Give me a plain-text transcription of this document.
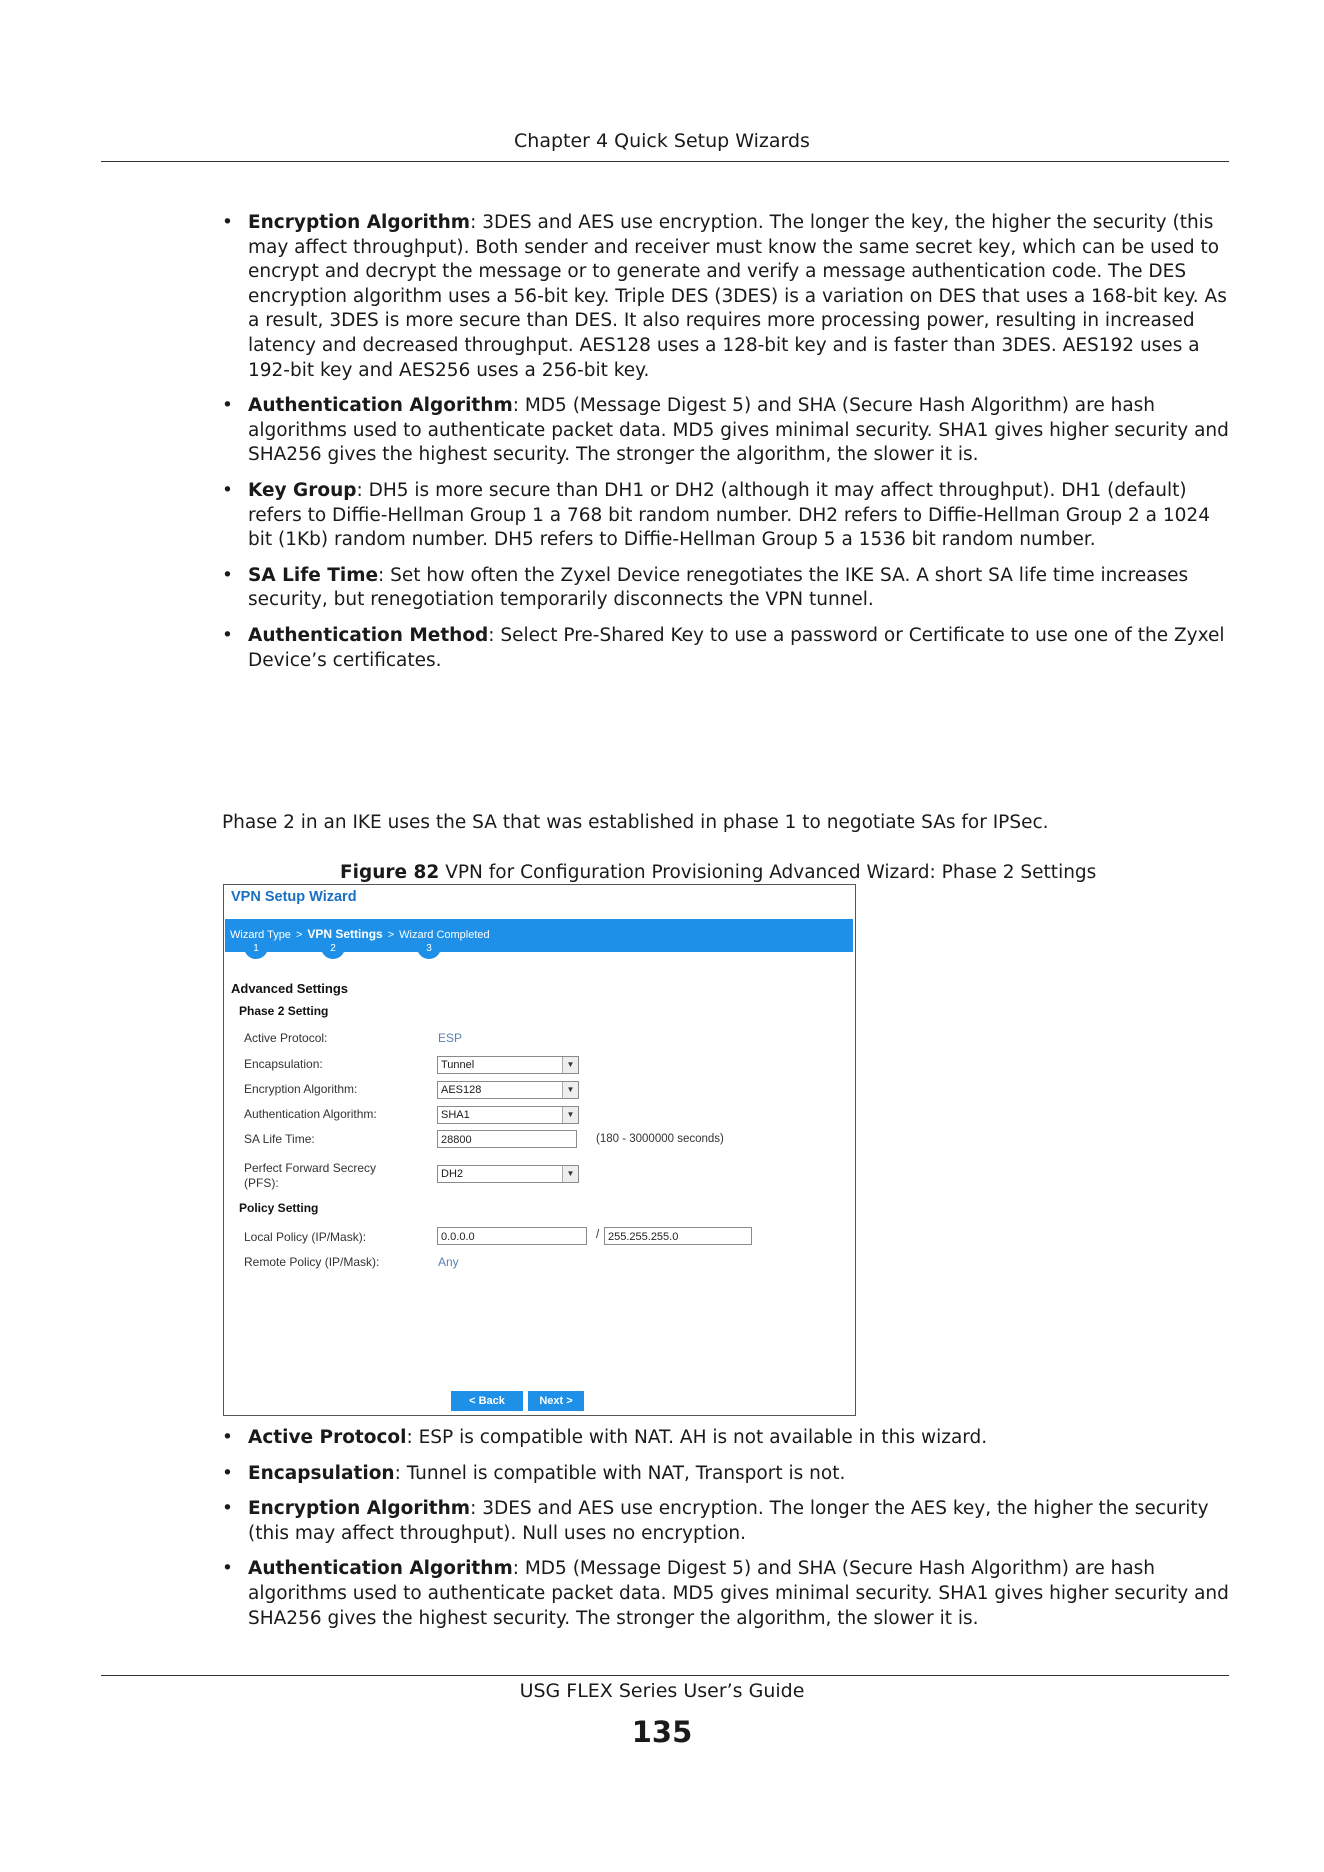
Chapter 4 Quick Setup Wizards
• Encryption Algorithm: 3DES and AES use encryption. The longer the key, the higher the security (this may affect throughput). Both sender and receiver must know the same secret key, which can be used to encrypt and decrypt the message or to generate and verify a message authentication code. The DES encryption algorithm uses a 56-bit key. Triple DES (3DES) is a variation on DES that uses a 168-bit key. As a result, 3DES is more secure than DES. It also requires more processing power, resulting in increased latency and decreased throughput. AES128 uses a 128-bit key and is faster than 3DES. AES192 uses a 192-bit key and AES256 uses a 256-bit key.
• Authentication Algorithm: MD5 (Message Digest 5) and SHA (Secure Hash Algorithm) are hash algorithms used to authenticate packet data. MD5 gives minimal security. SHA1 gives higher security and SHA256 gives the highest security. The stronger the algorithm, the slower it is.
• Key Group: DH5 is more secure than DH1 or DH2 (although it may affect throughput). DH1 (default) refers to Diffie-Hellman Group 1 a 768 bit random number. DH2 refers to Diffie-Hellman Group 2 a 1024 bit (1Kb) random number. DH5 refers to Diffie-Hellman Group 5 a 1536 bit random number.
• SA Life Time: Set how often the Zyxel Device renegotiates the IKE SA. A short SA life time increases security, but renegotiation temporarily disconnects the VPN tunnel.
• Authentication Method: Select Pre-Shared Key to use a password or Certificate to use one of the Zyxel Device’s certificates.
Phase 2 in an IKE uses the SA that was established in phase 1 to negotiate SAs for IPSec.
Figure 82 VPN for Configuration Provisioning Advanced Wizard: Phase 2 Settings
VPN Setup Wizard
Wizard Type > VPN Settings > Wizard Completed
1	2	3
Advanced Settings
Phase 2 Setting
Active Protocol:	ESP
Encapsulation:	Tunnel	▼
Encryption Algorithm:	AES128	▼
Authentication Algorithm:	SHA1	▼
SA Life Time:	28800	(180 - 3000000 seconds)
Perfect Forward Secrecy (PFS):
DH2	▼
Policy Setting
Local Policy (IP/Mask):	0.0.0.0	/ 255.255.255.0
Remote Policy (IP/Mask):	Any
< Back	Next >
• Active Protocol: ESP is compatible with NAT. AH is not available in this wizard.
• Encapsulation: Tunnel is compatible with NAT, Transport is not.
• Encryption Algorithm: 3DES and AES use encryption. The longer the AES key, the higher the security (this may affect throughput). Null uses no encryption.
• Authentication Algorithm: MD5 (Message Digest 5) and SHA (Secure Hash Algorithm) are hash algorithms used to authenticate packet data. MD5 gives minimal security. SHA1 gives higher security and SHA256 gives the highest security. The stronger the algorithm, the slower it is.
USG FLEX Series User’s Guide
135
